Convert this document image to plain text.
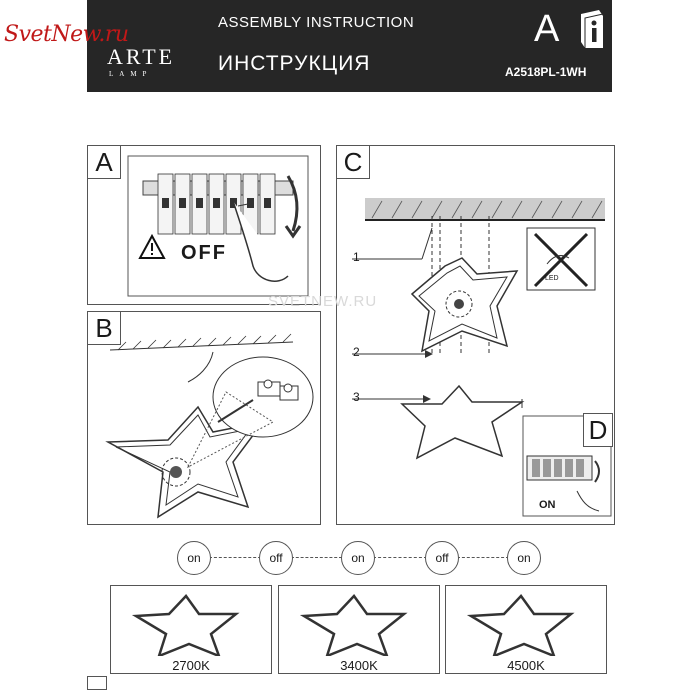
ARTE
LAMP
ASSEMBLY INSTRUCTION
ИНСТРУКЦИЯ
A
A2518PL-1WH
SvetNew.ru
A
OFF
B
C
1
2
3
LED
D
ON
SVETNEW.RU
on	off	on	off	on
2700K	3400K	4500K
